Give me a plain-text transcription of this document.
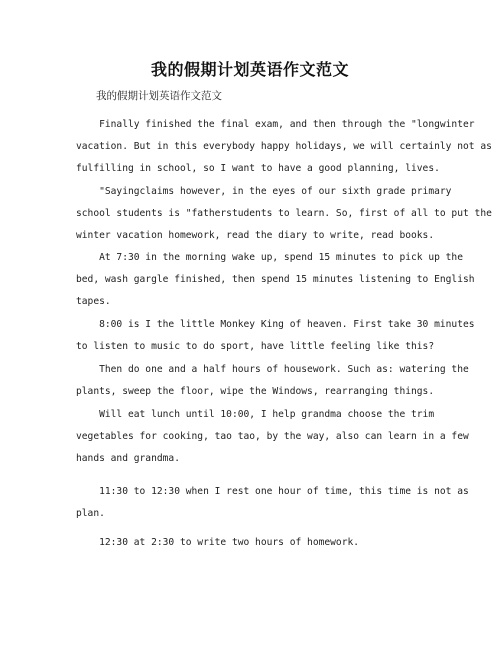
我的假期计划英语作文范文
我的假期计划英语作文范文
Finally finished the final exam, and then through the "longwinter
vacation. But in this everybody happy holidays, we will certainly not as
fulfilling in school, so I want to have a good planning, lives.
"Sayingclaims however, in the eyes of our sixth grade primary
school students is "fatherstudents to learn. So, first of all to put the
winter vacation homework, read the diary to write, read books.
At 7:30 in the morning wake up, spend 15 minutes to pick up the
bed, wash gargle finished, then spend 15 minutes listening to English
tapes.
8:00 is I the little Monkey King of heaven. First take 30 minutes
to listen to music to do sport, have little feeling like this?
Then do one and a half hours of housework. Such as: watering the
plants, sweep the floor, wipe the Windows, rearranging things.
Will eat lunch until 10:00, I help grandma choose the trim
vegetables for cooking, tao tao, by the way, also can learn in a few
hands and grandma.
11:30 to 12:30 when I rest one hour of time, this time is not as
plan.
12:30 at 2:30 to write two hours of homework.
